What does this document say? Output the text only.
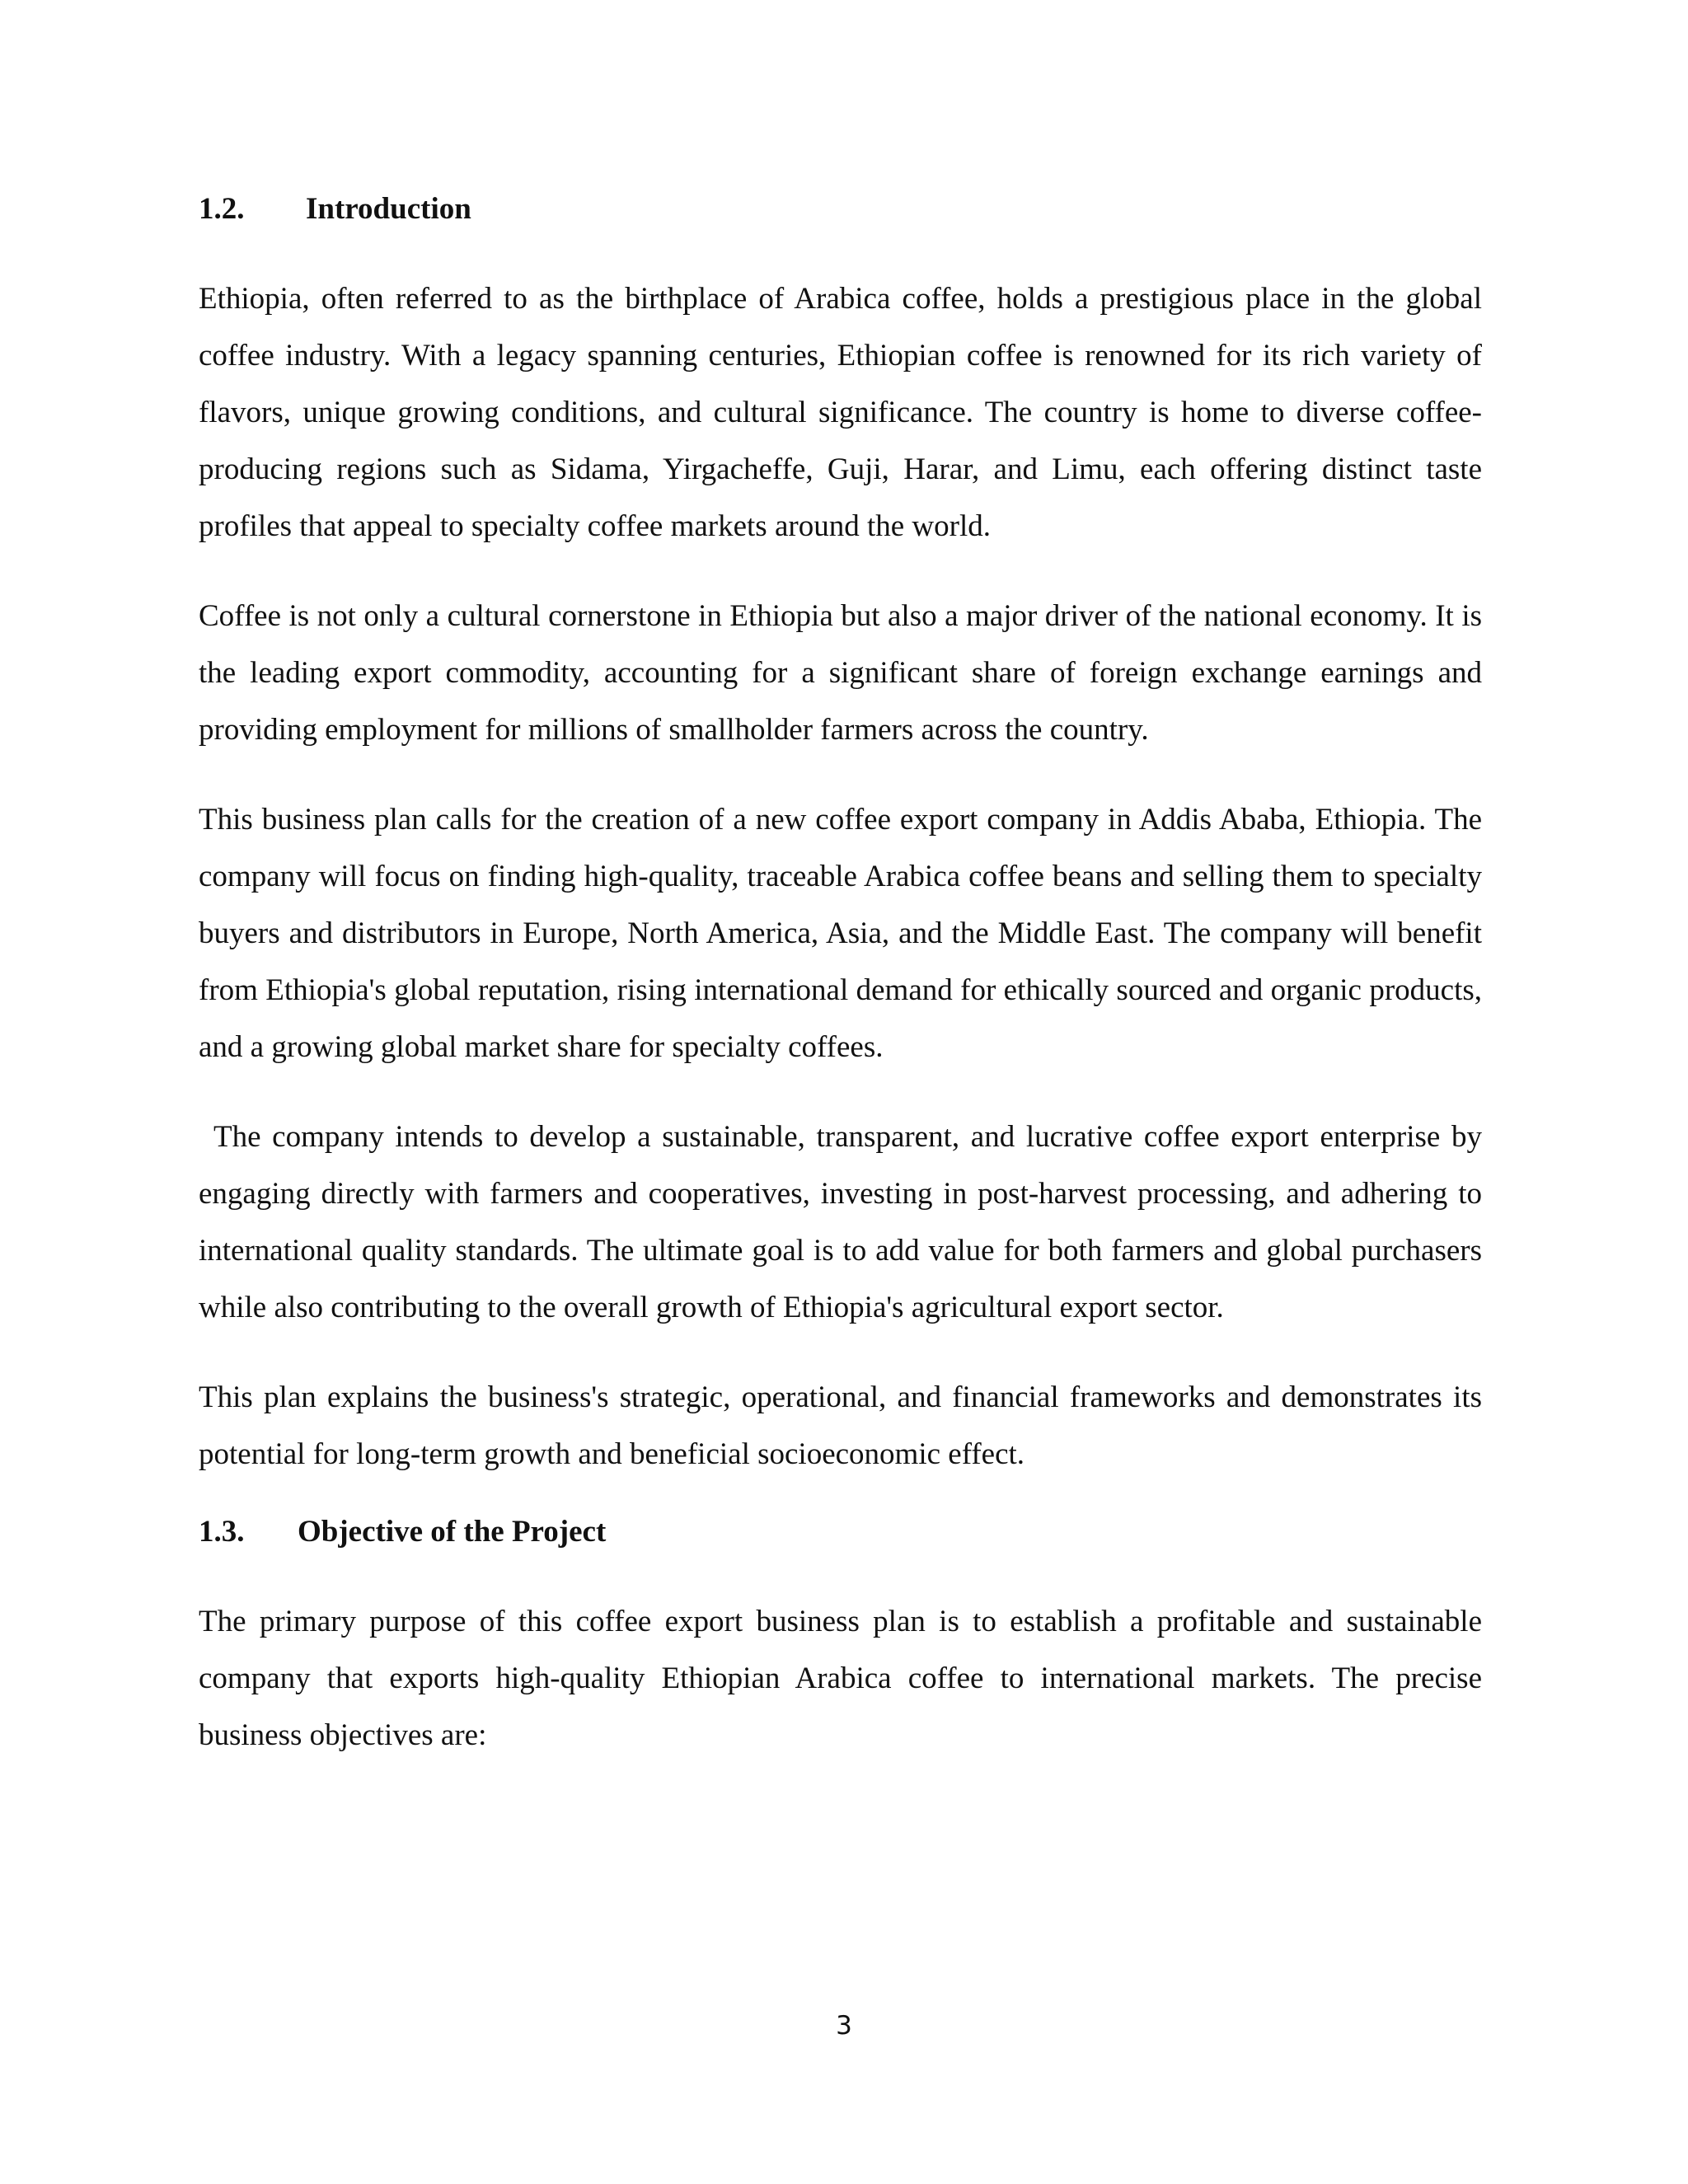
1.2.	Introduction

Ethiopia, often referred to as the birthplace of Arabica coffee, holds a prestigious place in the global coffee industry. With a legacy spanning centuries, Ethiopian coffee is renowned for its rich variety of flavors, unique growing conditions, and cultural significance. The country is home to diverse coffee-producing regions such as Sidama, Yirgacheffe, Guji, Harar, and Limu, each offering distinct taste profiles that appeal to specialty coffee markets around the world.

Coffee is not only a cultural cornerstone in Ethiopia but also a major driver of the national economy. It is the leading export commodity, accounting for a significant share of foreign exchange earnings and providing employment for millions of smallholder farmers across the country.

This business plan calls for the creation of a new coffee export company in Addis Ababa, Ethiopia. The company will focus on finding high-quality, traceable Arabica coffee beans and selling them to specialty buyers and distributors in Europe, North America, Asia, and the Middle East. The company will benefit from Ethiopia's global reputation, rising international demand for ethically sourced and organic products, and a growing global market share for specialty coffees.

The company intends to develop a sustainable, transparent, and lucrative coffee export enterprise by engaging directly with farmers and cooperatives, investing in post-harvest processing, and adhering to international quality standards. The ultimate goal is to add value for both farmers and global purchasers while also contributing to the overall growth of Ethiopia's agricultural export sector.

This plan explains the business's strategic, operational, and financial frameworks and demonstrates its potential for long-term growth and beneficial socioeconomic effect.

1.3.	Objective of the Project

The primary purpose of this coffee export business plan is to establish a profitable and sustainable company that exports high-quality Ethiopian Arabica coffee to international markets. The precise business objectives are:

3
